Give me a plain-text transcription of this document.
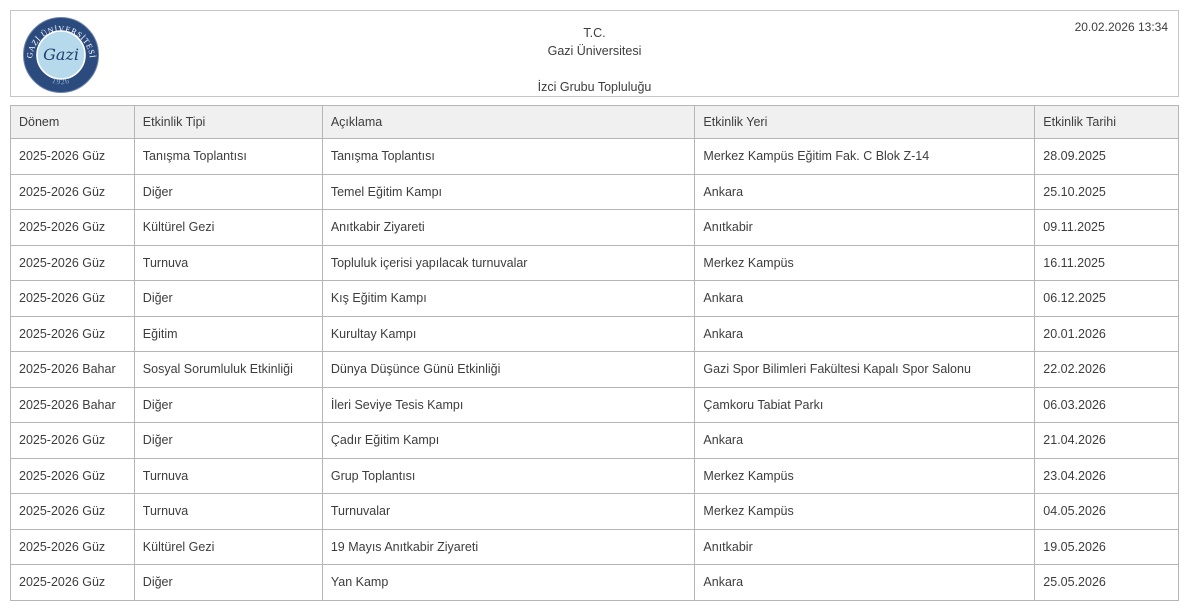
GAZİ ÜNİVERSİTESİ
1926
Gazi
T.C.
Gazi Üniversitesi
İzci Grubu Topluluğu
20.02.2026 13:34
Dönem	Etkinlik Tipi	Açıklama	Etkinlik Yeri	Etkinlik Tarihi
2025-2026 Güz	Tanışma Toplantısı	Tanışma Toplantısı	Merkez Kampüs Eğitim Fak. C Blok Z-14	28.09.2025
2025-2026 Güz	Diğer	Temel Eğitim Kampı	Ankara	25.10.2025
2025-2026 Güz	Kültürel Gezi	Anıtkabir Ziyareti	Anıtkabir	09.11.2025
2025-2026 Güz	Turnuva	Topluluk içerisi yapılacak turnuvalar	Merkez Kampüs	16.11.2025
2025-2026 Güz	Diğer	Kış Eğitim Kampı	Ankara	06.12.2025
2025-2026 Güz	Eğitim	Kurultay Kampı	Ankara	20.01.2026
2025-2026 Bahar	Sosyal Sorumluluk Etkinliği	Dünya Düşünce Günü Etkinliği	Gazi Spor Bilimleri Fakültesi Kapalı Spor Salonu	22.02.2026
2025-2026 Bahar	Diğer	İleri Seviye Tesis Kampı	Çamkoru Tabiat Parkı	06.03.2026
2025-2026 Güz	Diğer	Çadır Eğitim Kampı	Ankara	21.04.2026
2025-2026 Güz	Turnuva	Grup Toplantısı	Merkez Kampüs	23.04.2026
2025-2026 Güz	Turnuva	Turnuvalar	Merkez Kampüs	04.05.2026
2025-2026 Güz	Kültürel Gezi	19 Mayıs Anıtkabir Ziyareti	Anıtkabir	19.05.2026
2025-2026 Güz	Diğer	Yan Kamp	Ankara	25.05.2026
